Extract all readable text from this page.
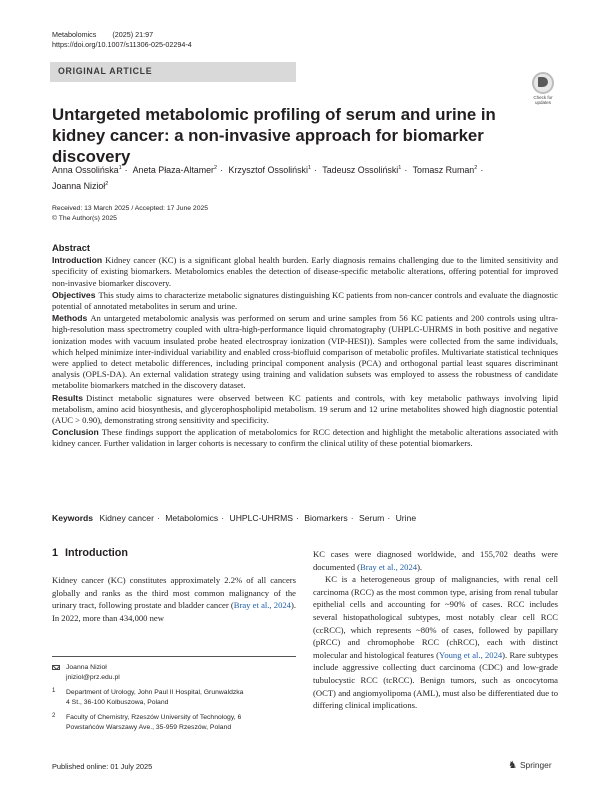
Metabolomics (2025) 21:97
https://doi.org/10.1007/s11306-025-02294-4
ORIGINAL ARTICLE
Check for
updates
Untargeted metabolomic profiling of serum and urine in kidney cancer: a non-invasive approach for biomarker discovery
Anna Ossolińska$^1$ · Aneta Płaza-Altamer$^2$ · Krzysztof Ossoliński$^1$ · Tadeusz Ossoliński$^1$ · Tomasz Ruman$^2$ ·
Joanna Nizioł$^2$
Received: 13 March 2025 / Accepted: 17 June 2025
© The Author(s) 2025
Abstract

Introduction Kidney cancer (KC) is a significant global health burden. Early diagnosis remains challenging due to the limited sensitivity and specificity of existing biomarkers. Metabolomics enables the detection of disease-specific metabolic alterations, offering potential for improved non-invasive biomarker discovery.

Objectives This study aims to characterize metabolic signatures distinguishing KC patients from non-cancer controls and evaluate the diagnostic potential of annotated metabolites in serum and urine.

Methods An untargeted metabolomic analysis was performed on serum and urine samples from 56 KC patients and 200 controls using ultra-high-resolution mass spectrometry coupled with ultra-high-performance liquid chromatography (UHPLC-UHRMS in both positive and negative ionization modes with vacuum insulated probe heated electrospray ionization (VIP-HESI)). Samples were collected from the same individuals, which helped minimize inter-individual variability and enabled cross-biofluid comparison of metabolic profiles. Multivariate statistical techniques were applied to detect metabolic differences, including principal component analysis (PCA) and orthogonal partial least squares discriminant analysis (OPLS-DA). An external validation strategy using training and validation subsets was employed to assess the robustness of candidate metabolite biomarkers matched in the discovery dataset.

Results Distinct metabolic signatures were observed between KC patients and controls, with key metabolic pathways involving lipid metabolism, amino acid biosynthesis, and glycerophospholipid metabolism. 19 serum and 12 urine metabolites showed high diagnostic potential (AUC > 0.90), demonstrating strong sensitivity and specificity.

Conclusion These findings support the application of metabolomics for RCC detection and highlight the metabolic alterations associated with kidney cancer. Further validation in larger cohorts is necessary to confirm the clinical utility of these potential biomarkers.

Keywords Kidney cancer · Metabolomics · UHPLC-UHRMS · Biomarkers · Serum · Urine
1 Introduction
Kidney cancer (KC) constitutes approximately 2.2% of all cancers globally and ranks as the third most common malignancy of the urinary tract, following prostate and bladder cancer (Bray et al., 2024). In 2022, more than 434,000 new

KC cases were diagnosed worldwide, and 155,702 deaths were documented (Bray et al., 2024).

KC is a heterogeneous group of malignancies, with renal cell carcinoma (RCC) as the most common type, arising from renal tubular epithelial cells and accounting for ~90% of cases. RCC includes several histopathological subtypes, most notably clear cell RCC (ccRCC), which represents ~80% of cases, followed by papillary (pRCC) and chromophobe RCC (chRCC), each with distinct molecular and histological features (Young et al., 2024). Rare subtypes include aggressive collecting duct carcinoma (CDC) and low-grade tubulocystic RCC (tcRCC). Benign tumors, such as oncocytoma (OCT) and angiomyolipoma (AML), must also be differentiated due to differing clinical implications.

Joanna Nizioł
jniziol@prz.edu.pl
1 Department of Urology, John Paul II Hospital, Grunwaldzka
4 St., 36-100 Kolbuszowa, Poland
2 Faculty of Chemistry, Rzeszów University of Technology, 6
Powstańców Warszawy Ave., 35-959 Rzeszów, Poland
Published online: 01 July 2025	♞ Springer
